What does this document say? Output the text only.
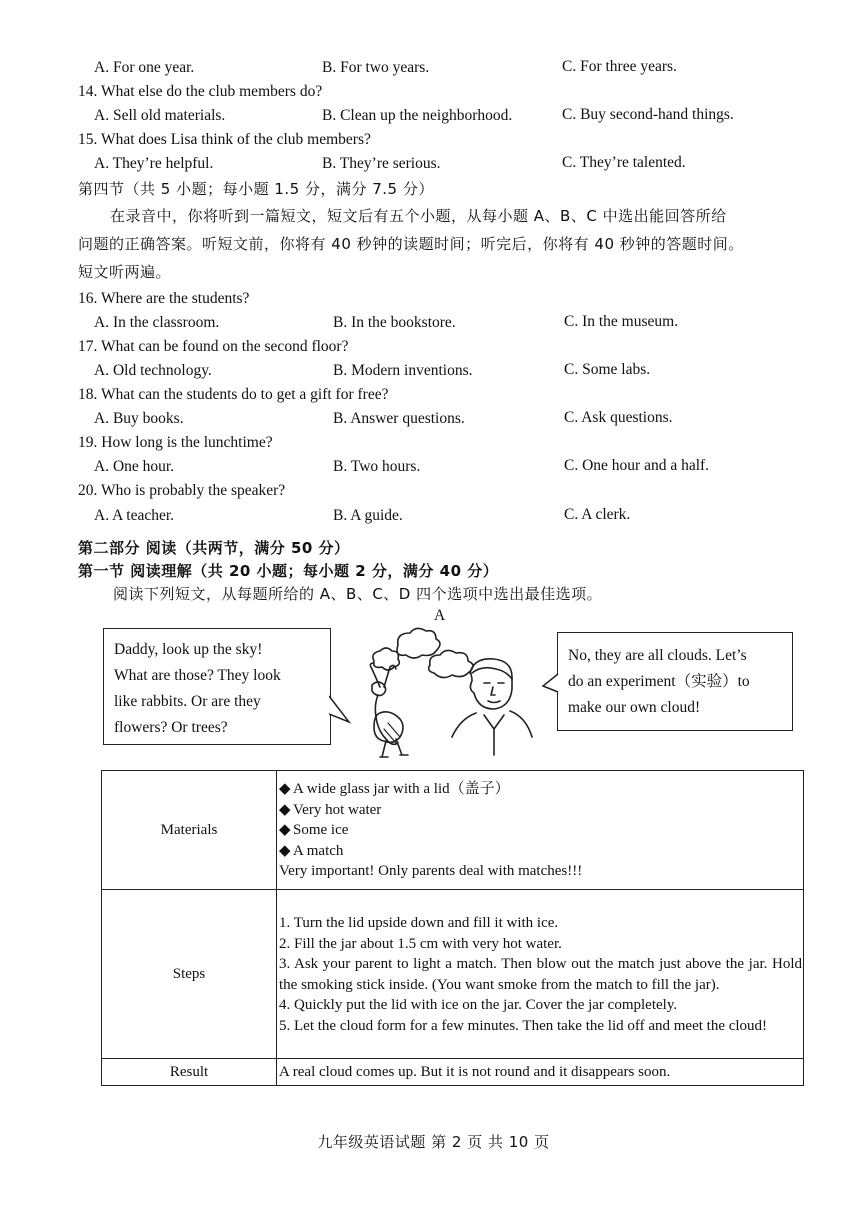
A. For one year.	B. For two years.	C. For three years.
14. What else do the club members do?
A. Sell old materials.	B. Clean up the neighborhood.	C. Buy second-hand things.
15. What does Lisa think of the club members?
A. They’re helpful.	B. They’re serious.	C. They’re talented.
第四节（共 5 小题；每小题 1.5 分，满分 7.5 分）
在录音中，你将听到一篇短文，短文后有五个小题，从每小题 A、B、C 中选出能回答所给
问题的正确答案。听短文前，你将有 40 秒钟的读题时间；听完后，你将有 40 秒钟的答题时间。
短文听两遍。
16. Where are the students?
A. In the classroom.	B. In the bookstore.	C. In the museum.
17. What can be found on the second floor?
A. Old technology.	B. Modern inventions.	C. Some labs.
18. What can the students do to get a gift for free?
A. Buy books.	B. Answer questions.	C. Ask questions.
19. How long is the lunchtime?
A. One hour.	B. Two hours.	C. One hour and a half.
20. Who is probably the speaker?
A. A teacher.	B. A guide.	C. A clerk.
第二部分 阅读（共两节，满分 50 分）
第一节 阅读理解（共 20 小题；每小题 2 分，满分 40 分）
阅读下列短文，从每题所给的 A、B、C、D 四个选项中选出最佳选项。
A

Daddy, look up the sky!

What are those? They look

like rabbits. Or are they

flowers? Or trees?

No, they are all clouds. Let’s

do an experiment（实验）to

make our own cloud!

Materials	◆ A wide glass jar with a lid（盖子）
◆ Very hot water
◆ Some ice
◆ A match
Very important! Only parents deal with matches!!!

Steps	1. Turn the lid upside down and fill it with ice.
2. Fill the jar about 1.5 cm with very hot water.
3. Ask your parent to light a match. Then blow out the match just above the jar. Hold the smoking stick inside. (You want smoke from the match to fill the jar).
4. Quickly put the lid with ice on the jar. Cover the jar completely.
5. Let the cloud form for a few minutes. Then take the lid off and meet the cloud!

Result	A real cloud comes up. But it is not round and it disappears soon.
九年级英语试题 第 2 页 共 10 页
